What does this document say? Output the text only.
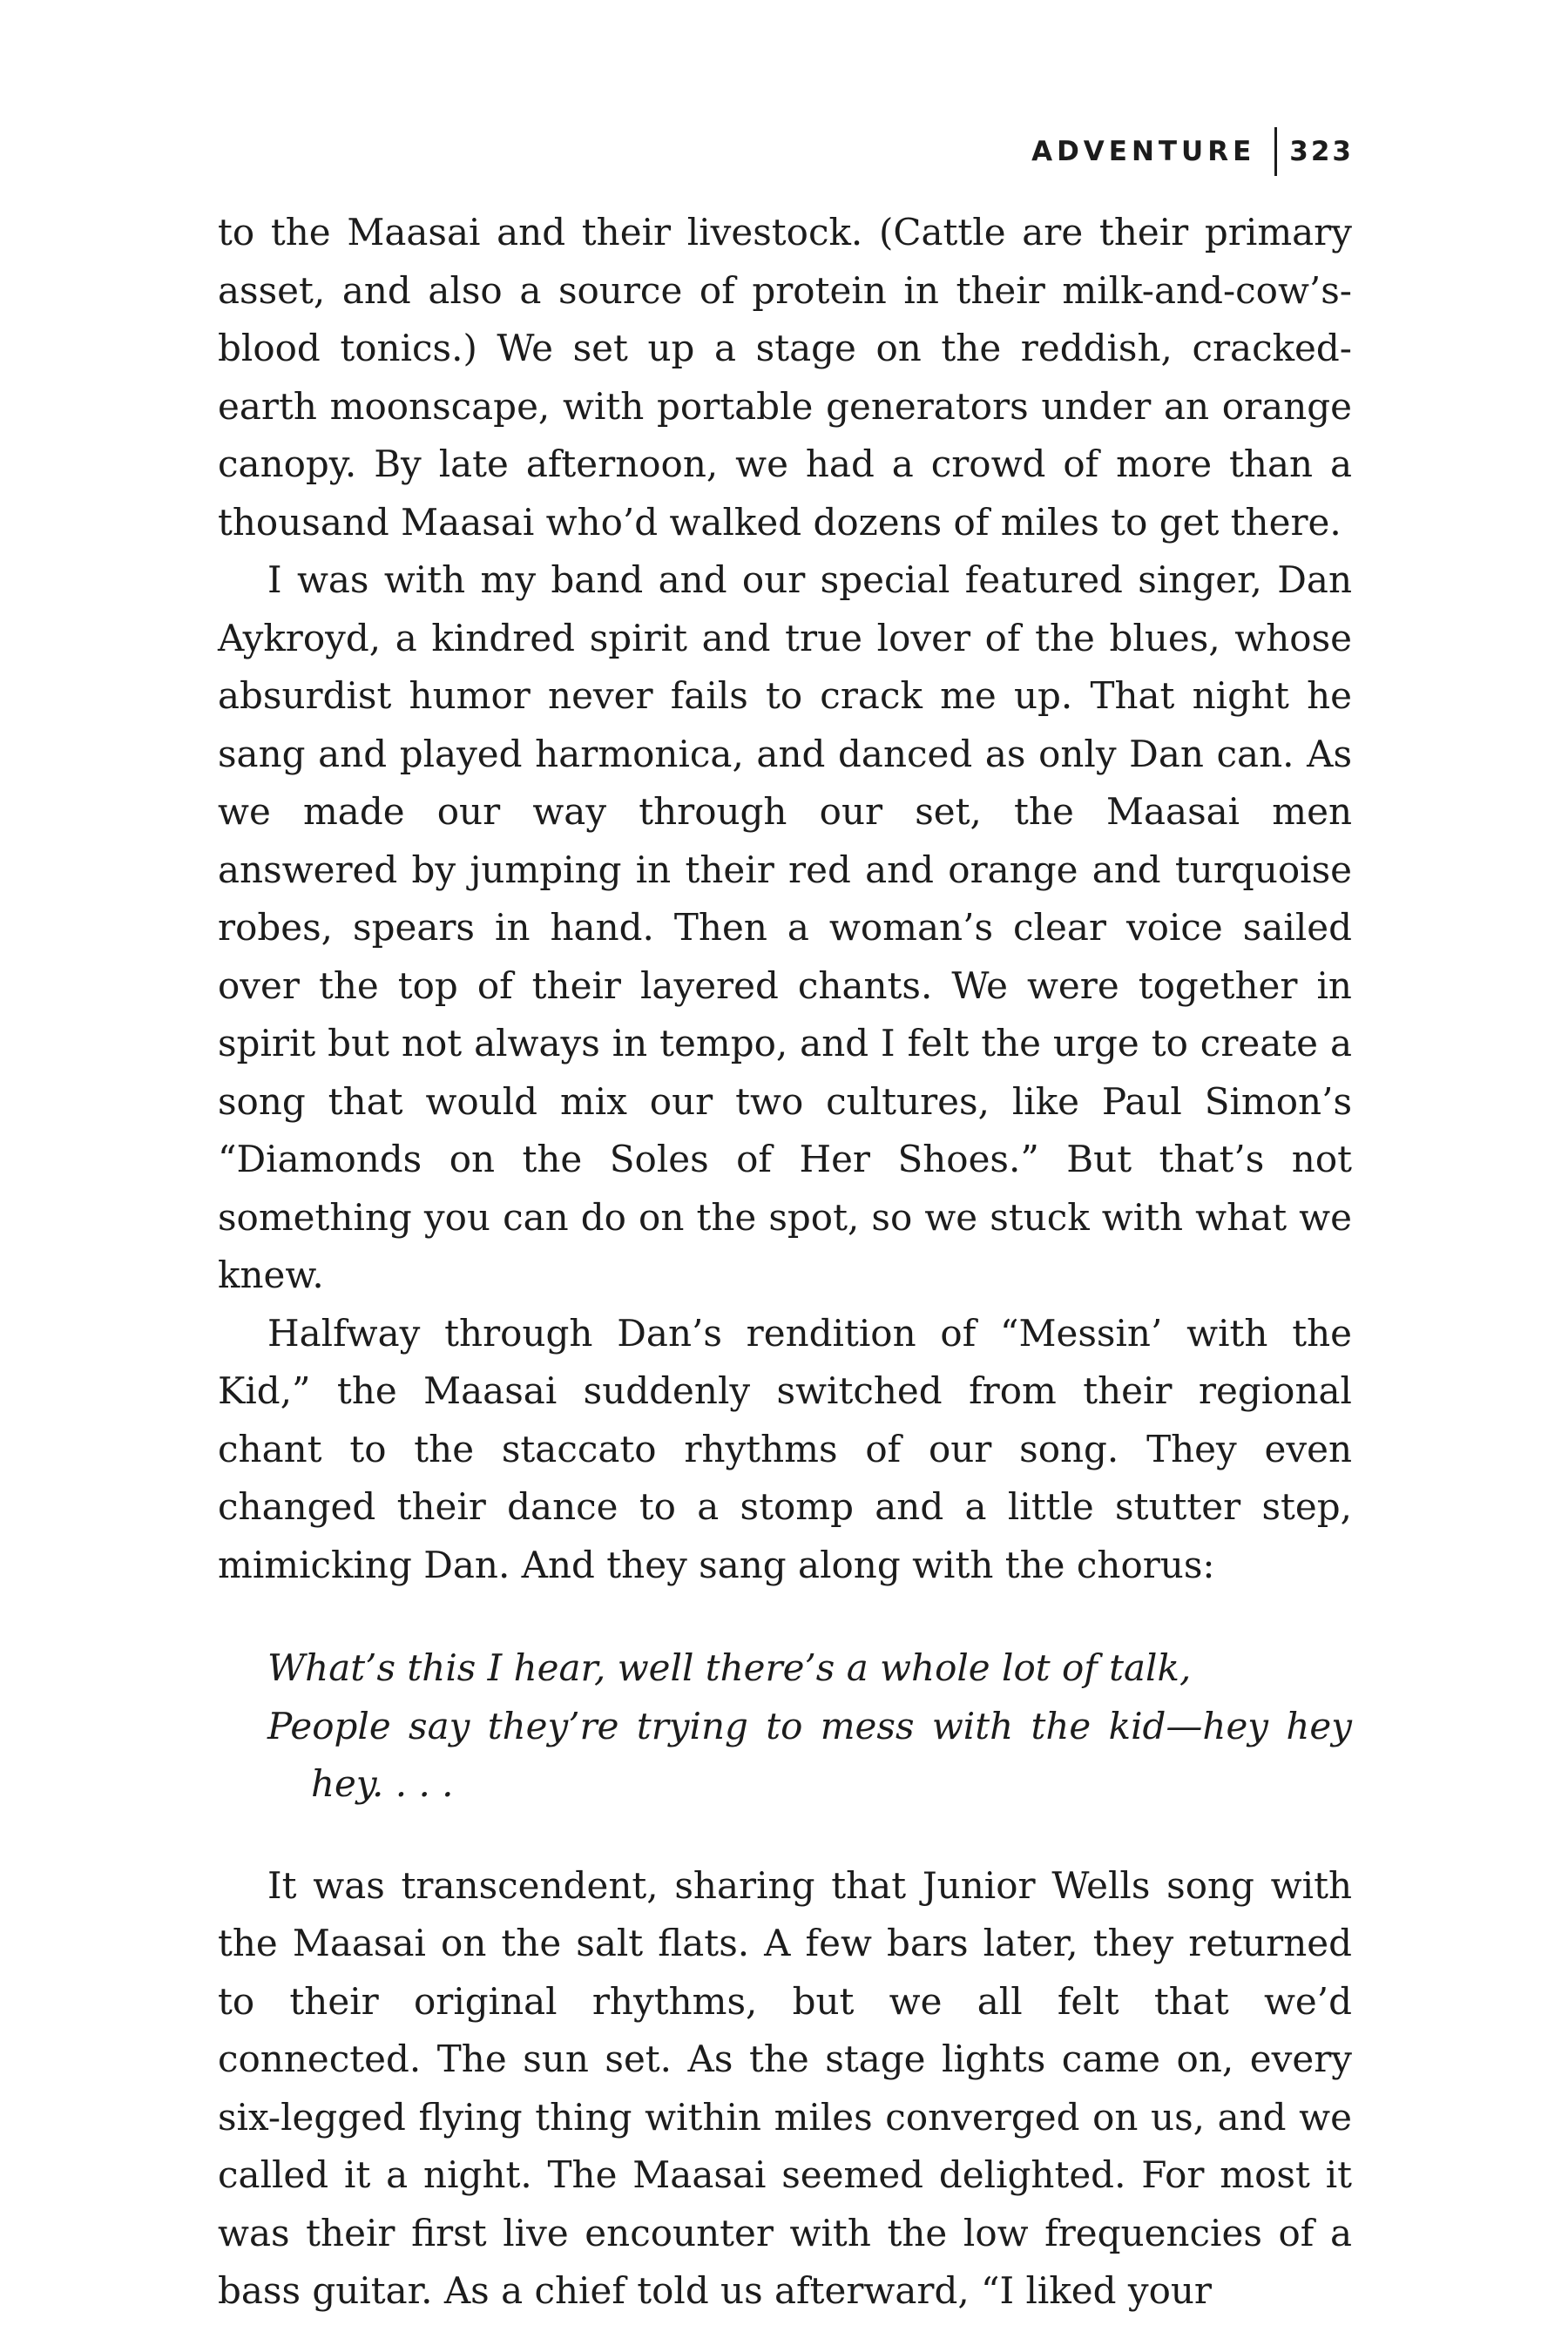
ADVENTURE	323

to the Maasai and their livestock. (Cattle are their primary asset, and also a source of protein in their milk-and-cow’s-blood tonics.) We set up a stage on the reddish, cracked-earth moonscape, with portable generators under an orange canopy. By late afternoon, we had a crowd of more than a thousand Maasai who’d walked dozens of miles to get there.

I was with my band and our special featured singer, Dan Aykroyd, a kindred spirit and true lover of the blues, whose absurdist humor never fails to crack me up. That night he sang and played harmonica, and danced as only Dan can. As we made our way through our set, the Maasai men answered by jumping in their red and orange and turquoise robes, spears in hand. Then a woman’s clear voice sailed over the top of their layered chants. We were together in spirit but not always in tempo, and I felt the urge to create a song that would mix our two cultures, like Paul Simon’s “Diamonds on the Soles of Her Shoes.” But that’s not something you can do on the spot, so we stuck with what we knew.

Halfway through Dan’s rendition of “Messin’ with the Kid,” the Maasai suddenly switched from their regional chant to the staccato rhythms of our song. They even changed their dance to a stomp and a little stutter step, mimicking Dan. And they sang along with the chorus:

What’s this I hear, well there’s a whole lot of talk,
People say they’re trying to mess with the kid—hey hey
hey. . . .

It was transcendent, sharing that Junior Wells song with the Maasai on the salt flats. A few bars later, they returned to their original rhythms, but we all felt that we’d connected. The sun set. As the stage lights came on, every six-legged flying thing within miles converged on us, and we called it a night. The Maasai seemed delighted. For most it was their first live encounter with the low frequencies of a bass guitar. As a chief told us afterward, “I liked your
